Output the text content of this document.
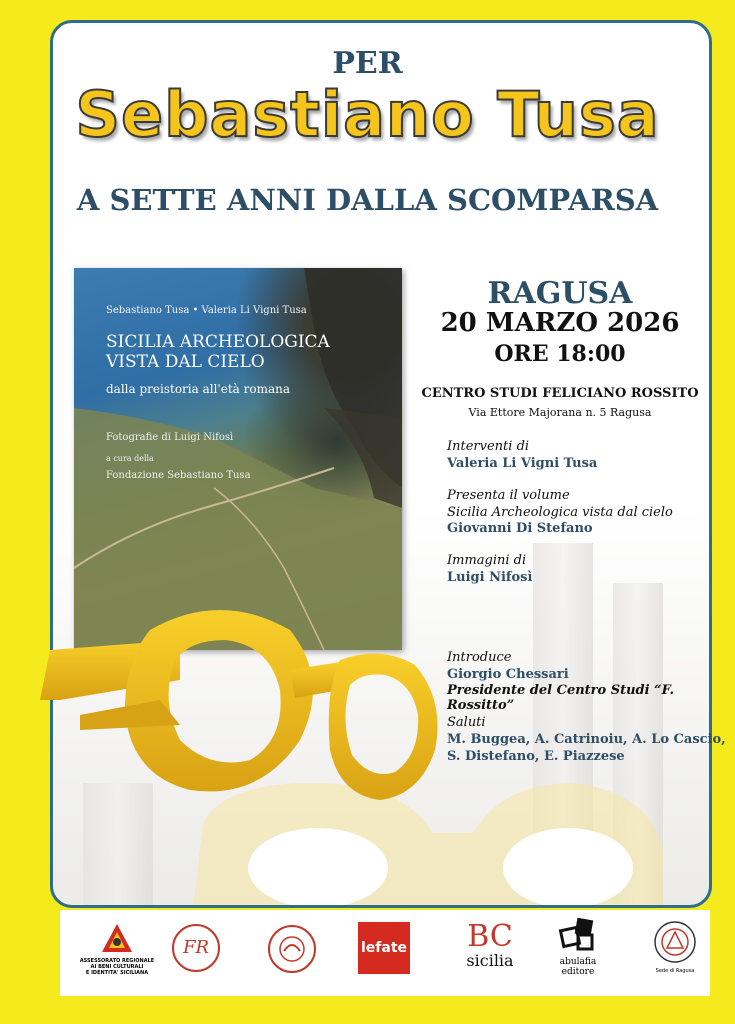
PER
Sebastiano Tusa
A SETTE ANNI DALLA SCOMPARSA
Sebastiano Tusa • Valeria Li Vigni Tusa
SICILIA ARCHEOLOGICA
VISTA DAL CIELO
dalla preistoria all'età romana
Fotografie di Luigi Nifosì
a cura della
Fondazione Sebastiano Tusa
RAGUSA
20 MARZO 2026
ORE 18:00
CENTRO STUDI FELICIANO ROSSITO
Via Ettore Majorana n. 5 Ragusa
Interventi di
Valeria Li Vigni Tusa
Presenta il volume
Sicilia Archeologica vista dal cielo
Giovanni Di Stefano
Immagini di
Luigi Nifosì
Introduce
Giorgio Chessari
Presidente del Centro Studi “F. Rossitto”
Saluti
M. Buggea, A. Catrinoiu, A. Lo Cascio,
S. Distefano, E. Piazzese
ASSESSORATO REGIONALE
AI BENI CULTURALI
E IDENTITA' SICILIANA
FR	lefate	BC
sicilia	abulafia
editore	Sede di Ragusa
